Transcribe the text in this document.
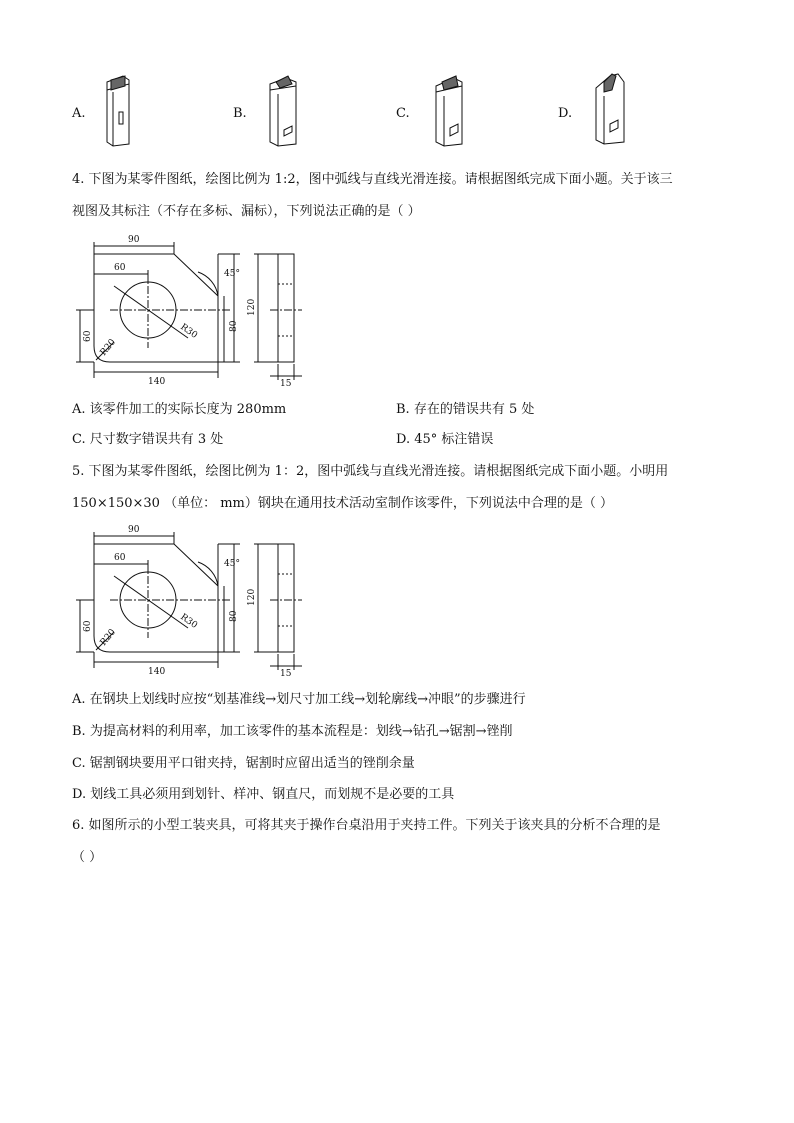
A.	B.	C.	D.
4. 下图为某零件图纸，绘图比例为 1:2，图中弧线与直线光滑连接。请根据图纸完成下面小题。关于该三
视图及其标注（不存在多标、漏标），下列说法正确的是（ ）
90
60
45°
120
80
60
R20
R30
140	15
A. 该零件加工的实际长度为 280mm	B. 存在的错误共有 5 处
C. 尺寸数字错误共有 3 处	D. 45° 标注错误
5. 下图为某零件图纸，绘图比例为 1：2，图中弧线与直线光滑连接。请根据图纸完成下面小题。小明用
150×150×30 （单位： mm）钢块在通用技术活动室制作该零件，下列说法中合理的是（ ）
90
60
45°
120
80
60
R20
R30
140	15
A. 在钢块上划线时应按“划基准线→划尺寸加工线→划轮廓线→冲眼”的步骤进行
B. 为提高材料的利用率，加工该零件的基本流程是：划线→钻孔→锯割→锉削
C. 锯割钢块要用平口钳夹持，锯割时应留出适当的锉削余量
D. 划线工具必须用到划针、样冲、钢直尺，而划规不是必要的工具
6. 如图所示的小型工装夹具，可将其夹于操作台桌沿用于夹持工件。下列关于该夹具的分析不合理的是
（ ）
